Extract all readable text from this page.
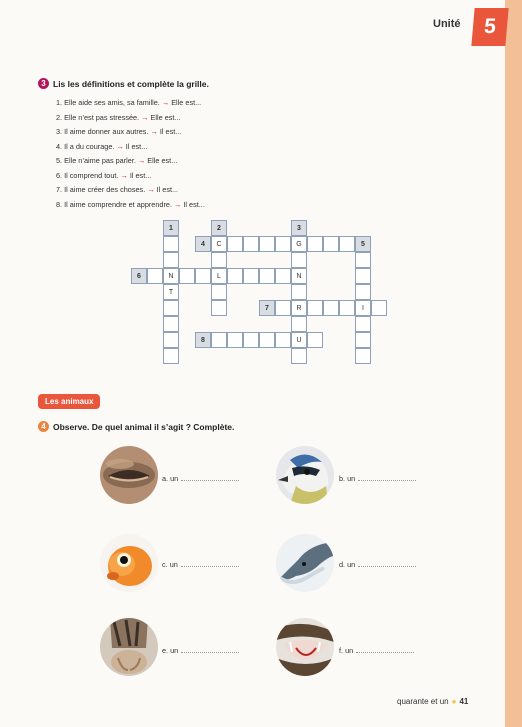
Unité	5
3 Lis les définitions et complète la grille.
1. Elle aide ses amis, sa famille. → Elle est...
2. Elle n’est pas stressée. → Elle est...
3. Il aime donner aux autres. → Il est...
4. Il a du courage. → Il est...
5. Elle n’aime pas parler. → Elle est...
6. Il comprend tout. → Il est...
7. Il aime créer des choses. → Il est...
8. Il aime comprendre et apprendre. → Il est...
4	C	G	5
6	N	L	N
1
T
2	3
R
U
7	I
8
Les animaux
4 Observe. De quel animal il s’agit ? Complète.
a. un	b. un
c. un	d. un
e. un	f. un
quarante et un ● 41
